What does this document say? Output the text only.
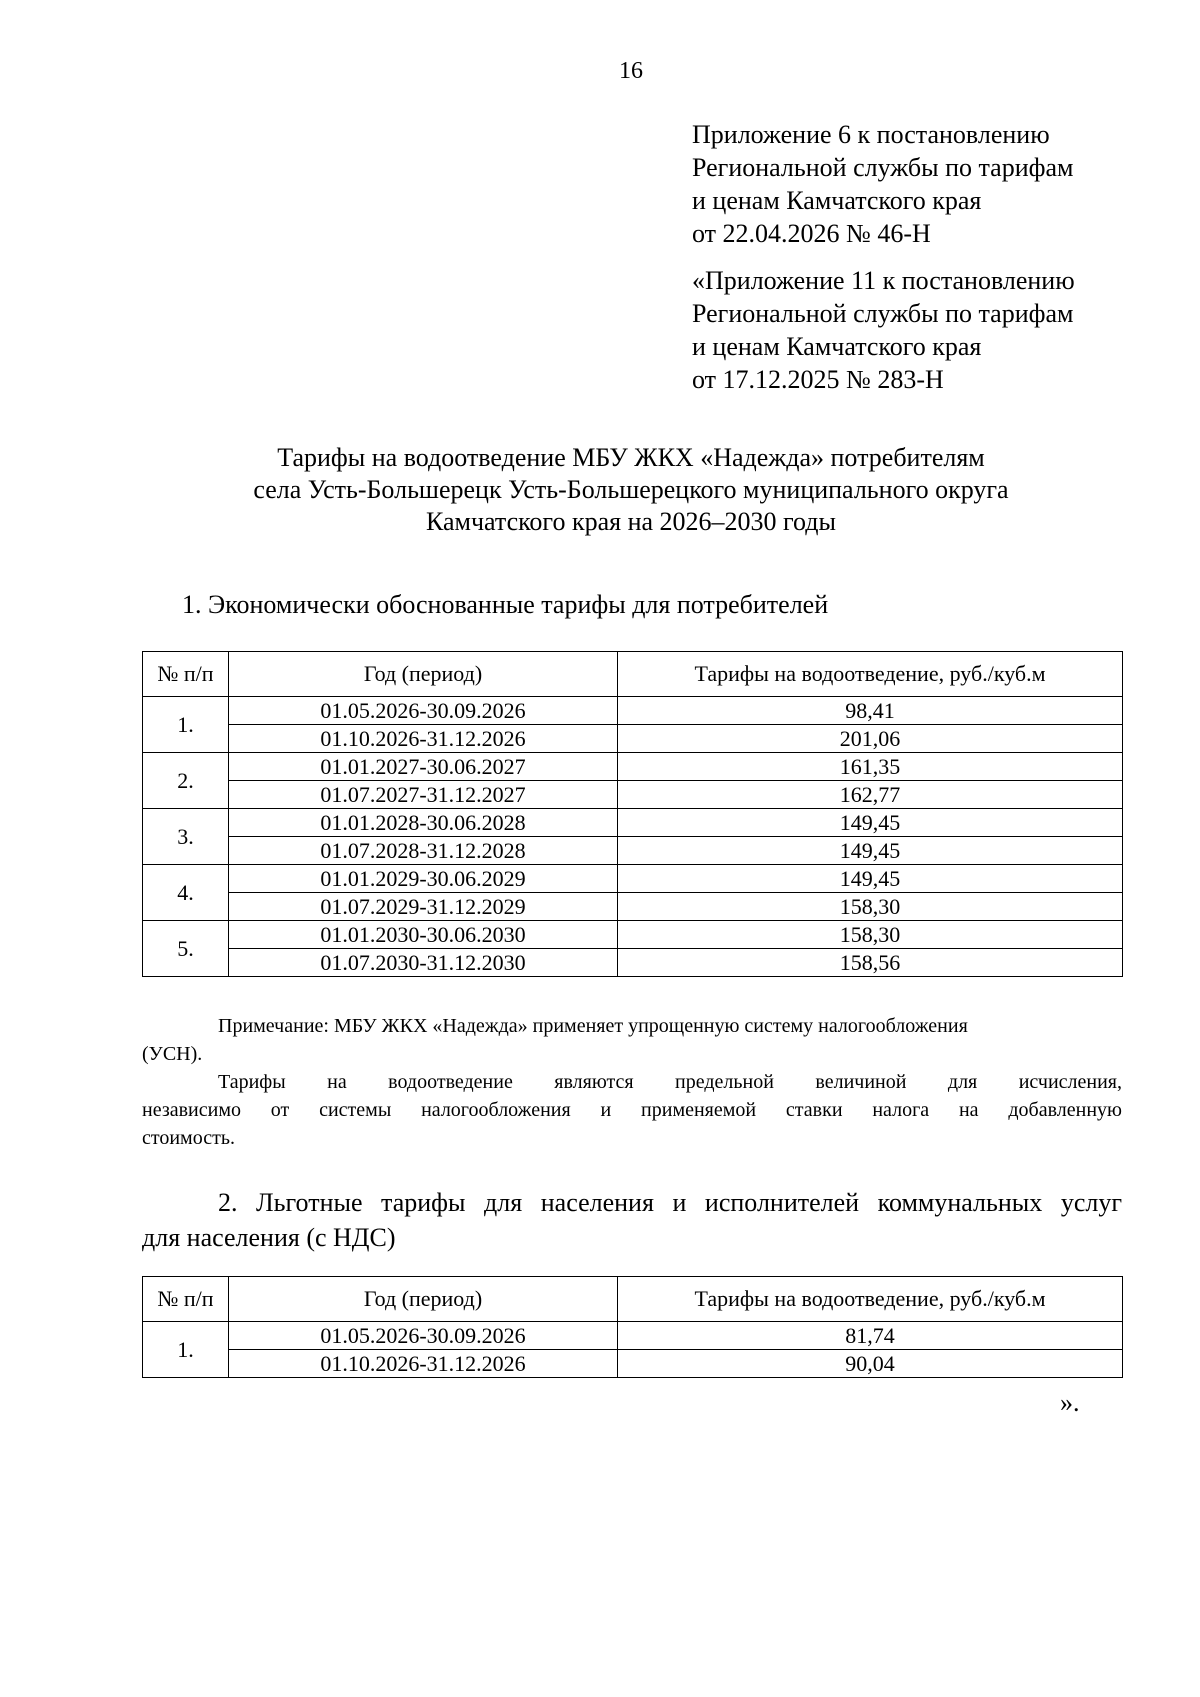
16
Приложение 6 к постановлению
Региональной службы по тарифам
и ценам Камчатского края
от 22.04.2026 № 46-Н
«Приложение 11 к постановлению
Региональной службы по тарифам
и ценам Камчатского края
от 17.12.2025 № 283-Н
Тарифы на водоотведение МБУ ЖКХ «Надежда» потребителям
села Усть-Большерецк Усть-Большерецкого муниципального округа
Камчатского края на 2026–2030 годы
1. Экономически обоснованные тарифы для потребителей
№ п/п	Год (период)	Тарифы на водоотведение, руб./куб.м
1.	01.05.2026-30.09.2026	98,41
	01.10.2026-31.12.2026	201,06
2.	01.01.2027-30.06.2027	161,35
	01.07.2027-31.12.2027	162,77
3.	01.01.2028-30.06.2028	149,45
	01.07.2028-31.12.2028	149,45
4.	01.01.2029-30.06.2029	149,45
	01.07.2029-31.12.2029	158,30
5.	01.01.2030-30.06.2030	158,30
	01.07.2030-31.12.2030	158,56

Примечание: МБУ ЖКХ «Надежда» применяет упрощенную систему налогообложения

(УСН).

Тарифы на водоотведение являются предельной величиной для исчисления,

независимо от системы налогообложения и применяемой ставки налога на добавленную

стоимость.

2. Льготные тарифы для населения и исполнителей коммунальных услуг
для населения (с НДС)
№ п/п	Год (период)	Тарифы на водоотведение, руб./куб.м
1.	01.05.2026-30.09.2026	81,74
	01.10.2026-31.12.2026	90,04
».
